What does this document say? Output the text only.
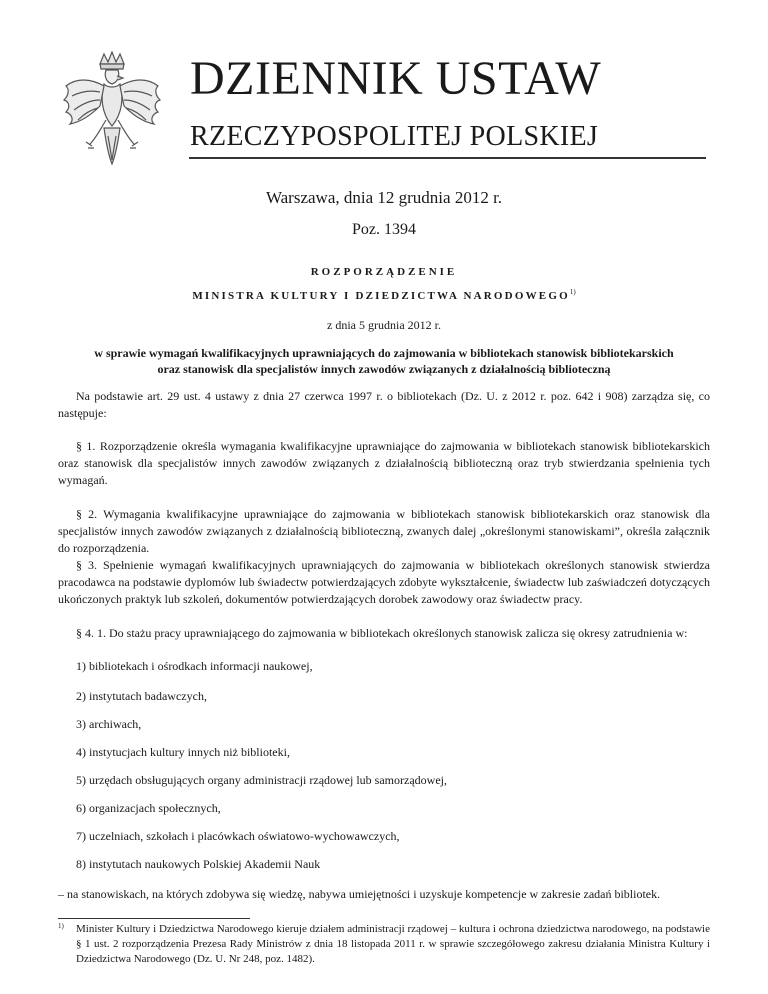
DZIENNIK USTAW
RZECZYPOSPOLITEJ POLSKIEJ
Warszawa, dnia 12 grudnia 2012 r.
Poz. 1394
ROZPORZĄDZENIE
MINISTRA KULTURY I DZIEDZICTWA NARODOWEGO$^{1)}$
z dnia 5 grudnia 2012 r.
w sprawie wymagań kwalifikacyjnych uprawniających do zajmowania w bibliotekach stanowisk bibliotekarskich
oraz stanowisk dla specjalistów innych zawodów związanych z działalnością biblioteczną

Na podstawie art. 29 ust. 4 ustawy z dnia 27 czerwca 1997 r. o bibliotekach (Dz. U. z 2012 r. poz. 642 i 908) zarządza się, co następuje:

§ 1. Rozporządzenie określa wymagania kwalifikacyjne uprawniające do zajmowania w bibliotekach stanowisk bibliotekarskich oraz stanowisk dla specjalistów innych zawodów związanych z działalnością biblioteczną oraz tryb stwierdzania spełnienia tych wymagań.

§ 2. Wymagania kwalifikacyjne uprawniające do zajmowania w bibliotekach stanowisk bibliotekarskich oraz stanowisk dla specjalistów innych zawodów związanych z działalnością biblioteczną, zwanych dalej „określonymi stanowiskami”, określa załącznik do rozporządzenia.

§ 3. Spełnienie wymagań kwalifikacyjnych uprawniających do zajmowania w bibliotekach określonych stanowisk stwierdza pracodawca na podstawie dyplomów lub świadectw potwierdzających zdobyte wykształcenie, świadectw lub zaświadczeń dotyczących ukończonych praktyk lub szkoleń, dokumentów potwierdzających dorobek zawodowy oraz świadectw pracy.

§ 4. 1. Do stażu pracy uprawniającego do zajmowania w bibliotekach określonych stanowisk zalicza się okresy zatrudnienia w:

1) bibliotekach i ośrodkach informacji naukowej,
2) instytutach badawczych,
3) archiwach,
4) instytucjach kultury innych niż biblioteki,
5) urzędach obsługujących organy administracji rządowej lub samorządowej,
6) organizacjach społecznych,
7) uczelniach, szkołach i placówkach oświatowo-wychowawczych,
8) instytutach naukowych Polskiej Akademii Nauk
– na stanowiskach, na których zdobywa się wiedzę, nabywa umiejętności i uzyskuje kompetencje w zakresie zadań bibliotek.
1) Minister Kultury i Dziedzictwa Narodowego kieruje działem administracji rządowej – kultura i ochrona dziedzictwa narodowego, na podstawie § 1 ust. 2 rozporządzenia Prezesa Rady Ministrów z dnia 18 listopada 2011 r. w sprawie szczegółowego zakresu działania Ministra Kultury i Dziedzictwa Narodowego (Dz. U. Nr 248, poz. 1482).
